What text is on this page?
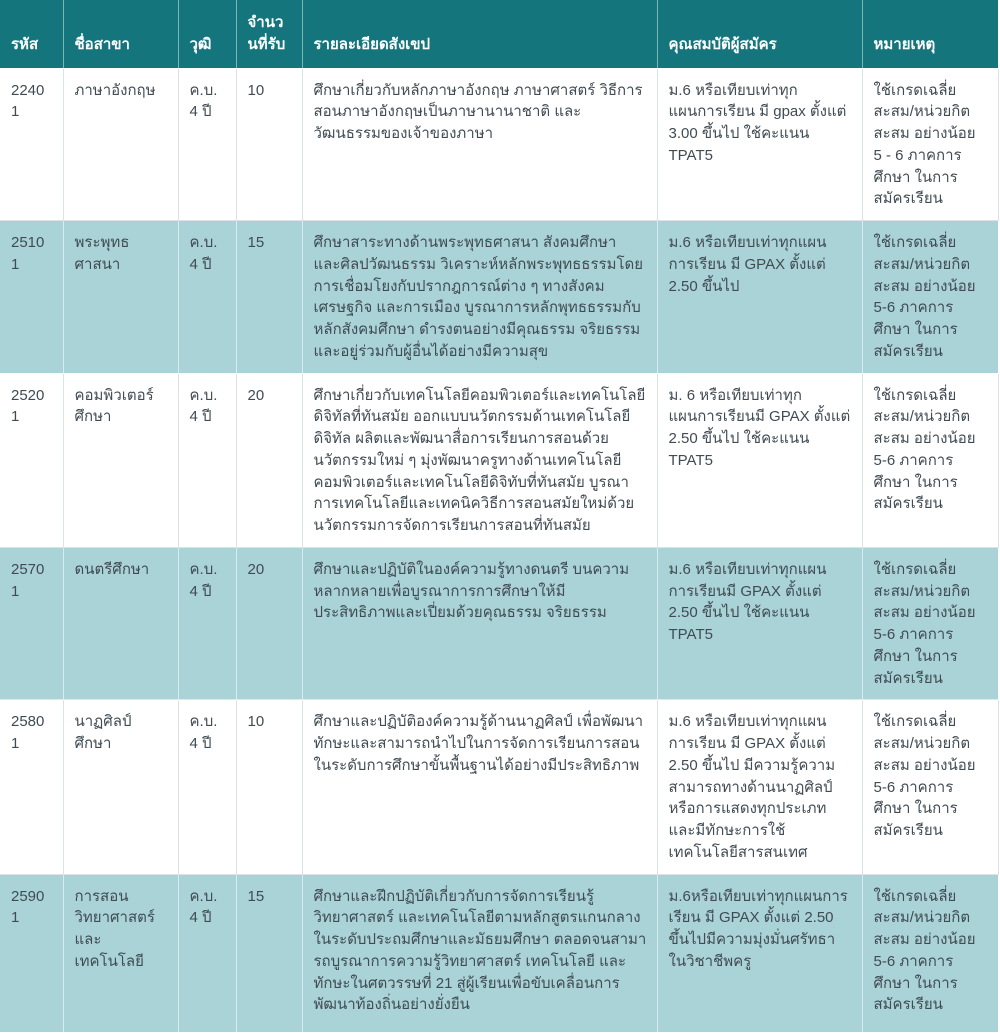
รหัส	ชื่อสาขา	วุฒิ	จำนวนที่รับ	รายละเอียดสังเขป	คุณสมบัติผู้สมัคร	หมายเหตุ
22401	ภาษาอังกฤษ	ค.บ.4 ปี	10	ศึกษาเกี่ยวกับหลักภาษาอังกฤษ ภาษาศาสตร์ วิธีการสอนภาษาอังกฤษเป็นภาษานานาชาติ และวัฒนธรรมของเจ้าของภาษา	ม.6 หรือเทียบเท่าทุกแผนการเรียน มี gpax ตั้งแต่ 3.00 ขึ้นไป ใช้คะแนน TPAT5	ใช้เกรดเฉลี่ยสะสม/หน่วยกิตสะสม อย่างน้อย 5 - 6 ภาคการศึกษา ในการสมัครเรียน
25101	พระพุทธศาสนา	ค.บ.4 ปี	15	ศึกษาสาระทางด้านพระพุทธศาสนา สังคมศึกษา และศิลปวัฒนธรรม วิเคราะห์หลักพระพุทธธรรมโดยการเชื่อมโยงกับปรากฎการณ์ต่าง ๆ ทางสังคม เศรษฐกิจ และการเมือง บูรณาการหลักพุทธธรรมกับหลักสังคมศึกษา ดำรงตนอย่างมีคุณธรรม จริยธรรม และอยู่ร่วมกับผู้อื่นได้อย่างมีความสุข	ม.6 หรือเทียบเท่าทุกแผน การเรียน มี GPAX ตั้งแต่ 2.50 ขึ้นไป	ใช้เกรดเฉลี่ยสะสม/หน่วยกิตสะสม อย่างน้อย 5-6 ภาคการศึกษา ในการสมัครเรียน
25201	คอมพิวเตอร์ศึกษา	ค.บ.4 ปี	20	ศึกษาเกี่ยวกับเทคโนโลยีคอมพิวเตอร์และเทคโนโลยีดิจิทัลที่ทันสมัย ออกแบบนวัตกรรมด้านเทคโนโลยีดิจิทัล ผลิตและพัฒนาสื่อการเรียนการสอนด้วยนวัตกรรมใหม่ ๆ มุ่งพัฒนาครูทางด้านเทคโนโลยีคอมพิวเตอร์และเทคโนโลยีดิจิทับที่ทันสมัย บูรณาการเทคโนโลยีและเทคนิควิธีการสอนสมัยใหม่ด้วยนวัตกรรมการจัดการเรียนการสอนที่ทันสมัย	ม. 6 หรือเทียบเท่าทุกแผนการเรียนมี GPAX ตั้งแต่ 2.50 ขึ้นไป ใช้คะแนน TPAT5	ใช้เกรดเฉลี่ยสะสม/หน่วยกิตสะสม อย่างน้อย 5-6 ภาคการศึกษา ในการสมัครเรียน
25701	ดนตรีศึกษา	ค.บ.4 ปี	20	ศึกษาและปฏิบัติในองค์ความรู้ทางดนตรี บนความหลากหลายเพื่อบูรณาการการศึกษาให้มีประสิทธิภาพและเปี่ยมด้วยคุณธรรม จริยธรรม	ม.6 หรือเทียบเท่าทุกแผน การเรียนมี GPAX ตั้งแต่ 2.50 ขึ้นไป ใช้คะแนน TPAT5	ใช้เกรดเฉลี่ยสะสม/หน่วยกิตสะสม อย่างน้อย 5-6 ภาคการศึกษา ในการสมัครเรียน
25801	นาฏศิลป์ศึกษา	ค.บ.4 ปี	10	ศึกษาและปฏิบัติองค์ความรู้ด้านนาฏศิลป์ เพื่อพัฒนาทักษะและสามารถนำไปในการจัดการเรียนการสอนในระดับการศึกษาขั้นพื้นฐานได้อย่างมีประสิทธิภาพ	ม.6 หรือเทียบเท่าทุกแผน การเรียน มี GPAX ตั้งแต่ 2.50 ขึ้นไป มีความรู้ความสามารถทางด้านนาฏศิลป์หรือการแสดงทุกประเภทและมีทักษะการใช้เทคโนโลยีสารสนเทศ	ใช้เกรดเฉลี่ยสะสม/หน่วยกิตสะสม อย่างน้อย 5-6 ภาคการศึกษา ในการสมัครเรียน
25901	การสอนวิทยาศาสตร์และเทคโนโลยี	ค.บ.4 ปี	15	ศึกษาและฝึกปฏิบัติเกี่ยวกับการจัดการเรียนรู้วิทยาศาสตร์ และเทคโนโลยีตามหลักสูตรแกนกลาง ในระดับประถมศึกษาและมัธยมศึกษา ตลอดจนสามารถบูรณาการความรู้วิทยาศาสตร์ เทคโนโลยี และทักษะในศตวรรษที่ 21 สู่ผู้เรียนเพื่อขับเคลื่อนการพัฒนาท้องถิ่นอย่างยั่งยืน	ม.6หรือเทียบเท่าทุกแผนการเรียน มี GPAX ตั้งแต่ 2.50 ขึ้นไปมีความมุ่งมั่นศรัทธาในวิชาชีพครู	ใช้เกรดเฉลี่ยสะสม/หน่วยกิตสะสม อย่างน้อย 5-6 ภาคการศึกษา ในการสมัครเรียน
